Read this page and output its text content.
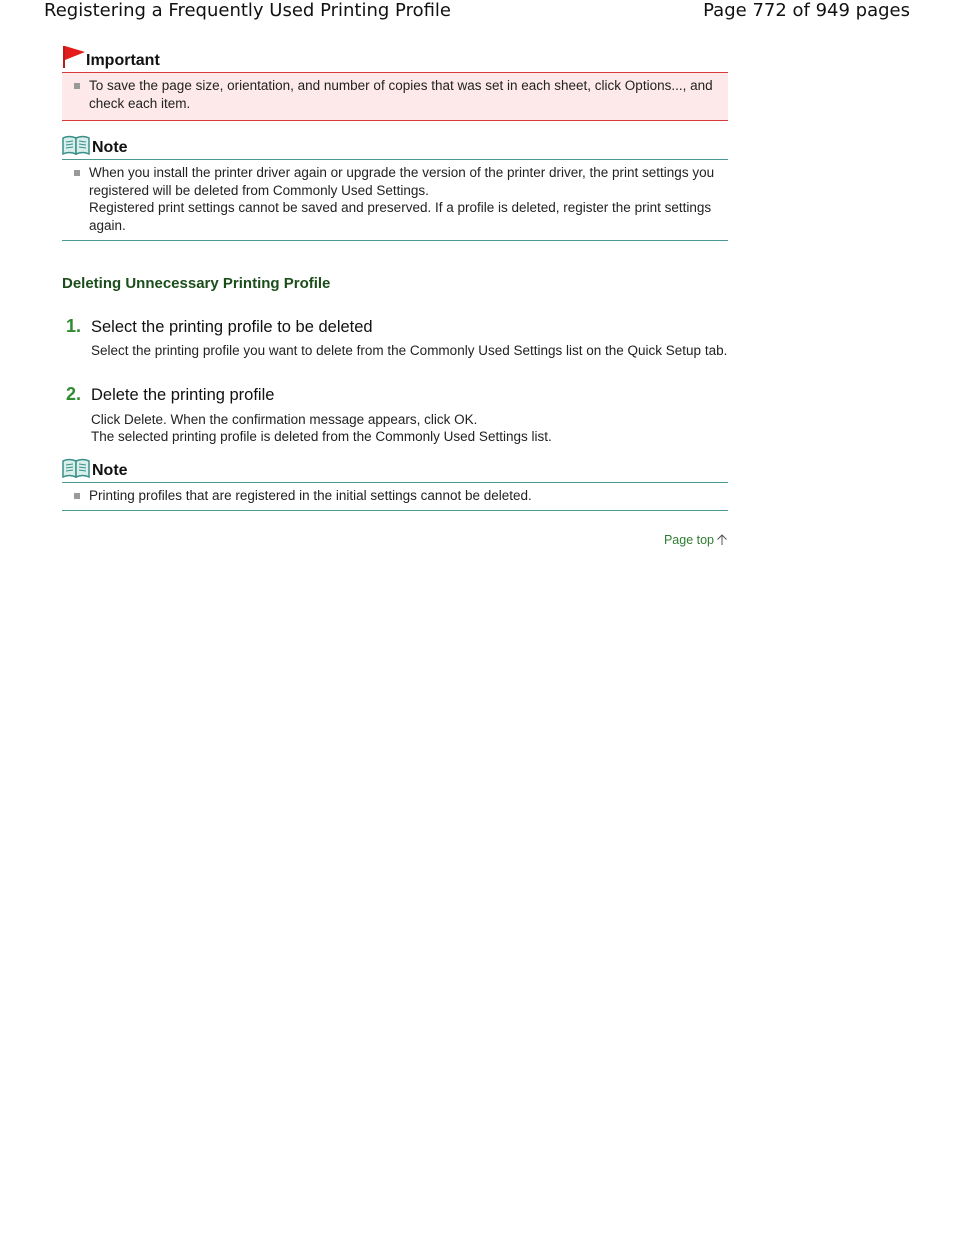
Registering a Frequently Used Printing Profile	Page 772 of 949 pages
Important
To save the page size, orientation, and number of copies that was set in each sheet, click Options..., and check each item.
Note
When you install the printer driver again or upgrade the version of the printer driver, the print settings you registered will be deleted from Commonly Used Settings.
Registered print settings cannot be saved and preserved. If a profile is deleted, register the print settings again.
Deleting Unnecessary Printing Profile
1. Select the printing profile to be deleted
Select the printing profile you want to delete from the Commonly Used Settings list on the Quick Setup tab.
2. Delete the printing profile
Click Delete. When the confirmation message appears, click OK.
The selected printing profile is deleted from the Commonly Used Settings list.
Note
Printing profiles that are registered in the initial settings cannot be deleted.
Page top
